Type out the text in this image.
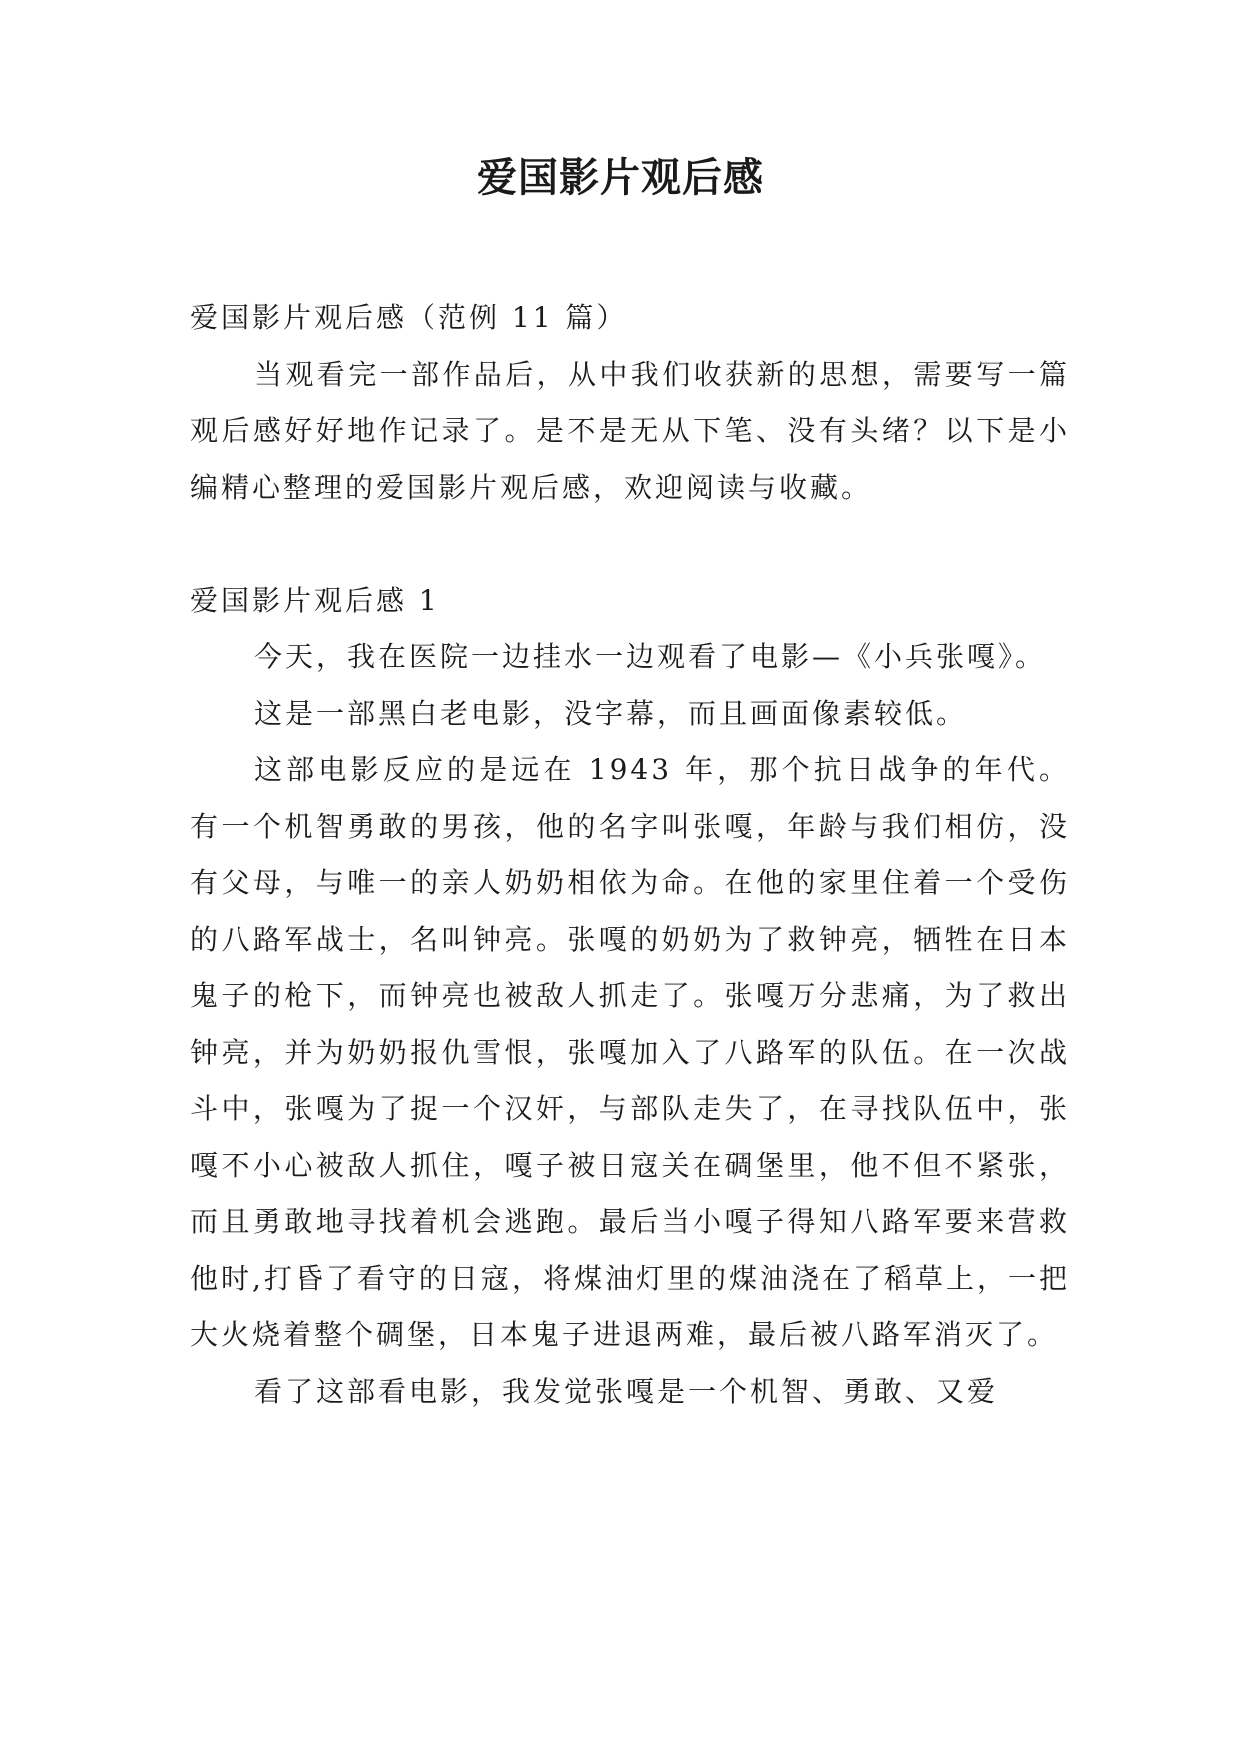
爱国影片观后感

爱国影片观后感（范例 11 篇）

当观看完一部作品后，从中我们收获新的思想，需要写一篇观后感好好地作记录了。是不是无从下笔、没有头绪？以下是小编精心整理的爱国影片观后感，欢迎阅读与收藏。

爱国影片观后感 1

今天，我在医院一边挂水一边观看了电影—《小兵张嘎》。

这是一部黑白老电影，没字幕，而且画面像素较低。

这部电影反应的是远在 1943 年，那个抗日战争的年代。有一个机智勇敢的男孩，他的名字叫张嘎，年龄与我们相仿，没有父母，与唯一的亲人奶奶相依为命。在他的家里住着一个受伤的八路军战士，名叫钟亮。张嘎的奶奶为了救钟亮，牺牲在日本鬼子的枪下，而钟亮也被敌人抓走了。张嘎万分悲痛，为了救出钟亮，并为奶奶报仇雪恨，张嘎加入了八路军的队伍。在一次战斗中，张嘎为了捉一个汉奸，与部队走失了，在寻找队伍中，张嘎不小心被敌人抓住，嘎子被日寇关在碉堡里，他不但不紧张，而且勇敢地寻找着机会逃跑。最后当小嘎子得知八路军要来营救他时,打昏了看守的日寇，将煤油灯里的煤油浇在了稻草上，一把大火烧着整个碉堡，日本鬼子进退两难，最后被八路军消灭了。

看了这部看电影，我发觉张嘎是一个机智、勇敢、又爱
